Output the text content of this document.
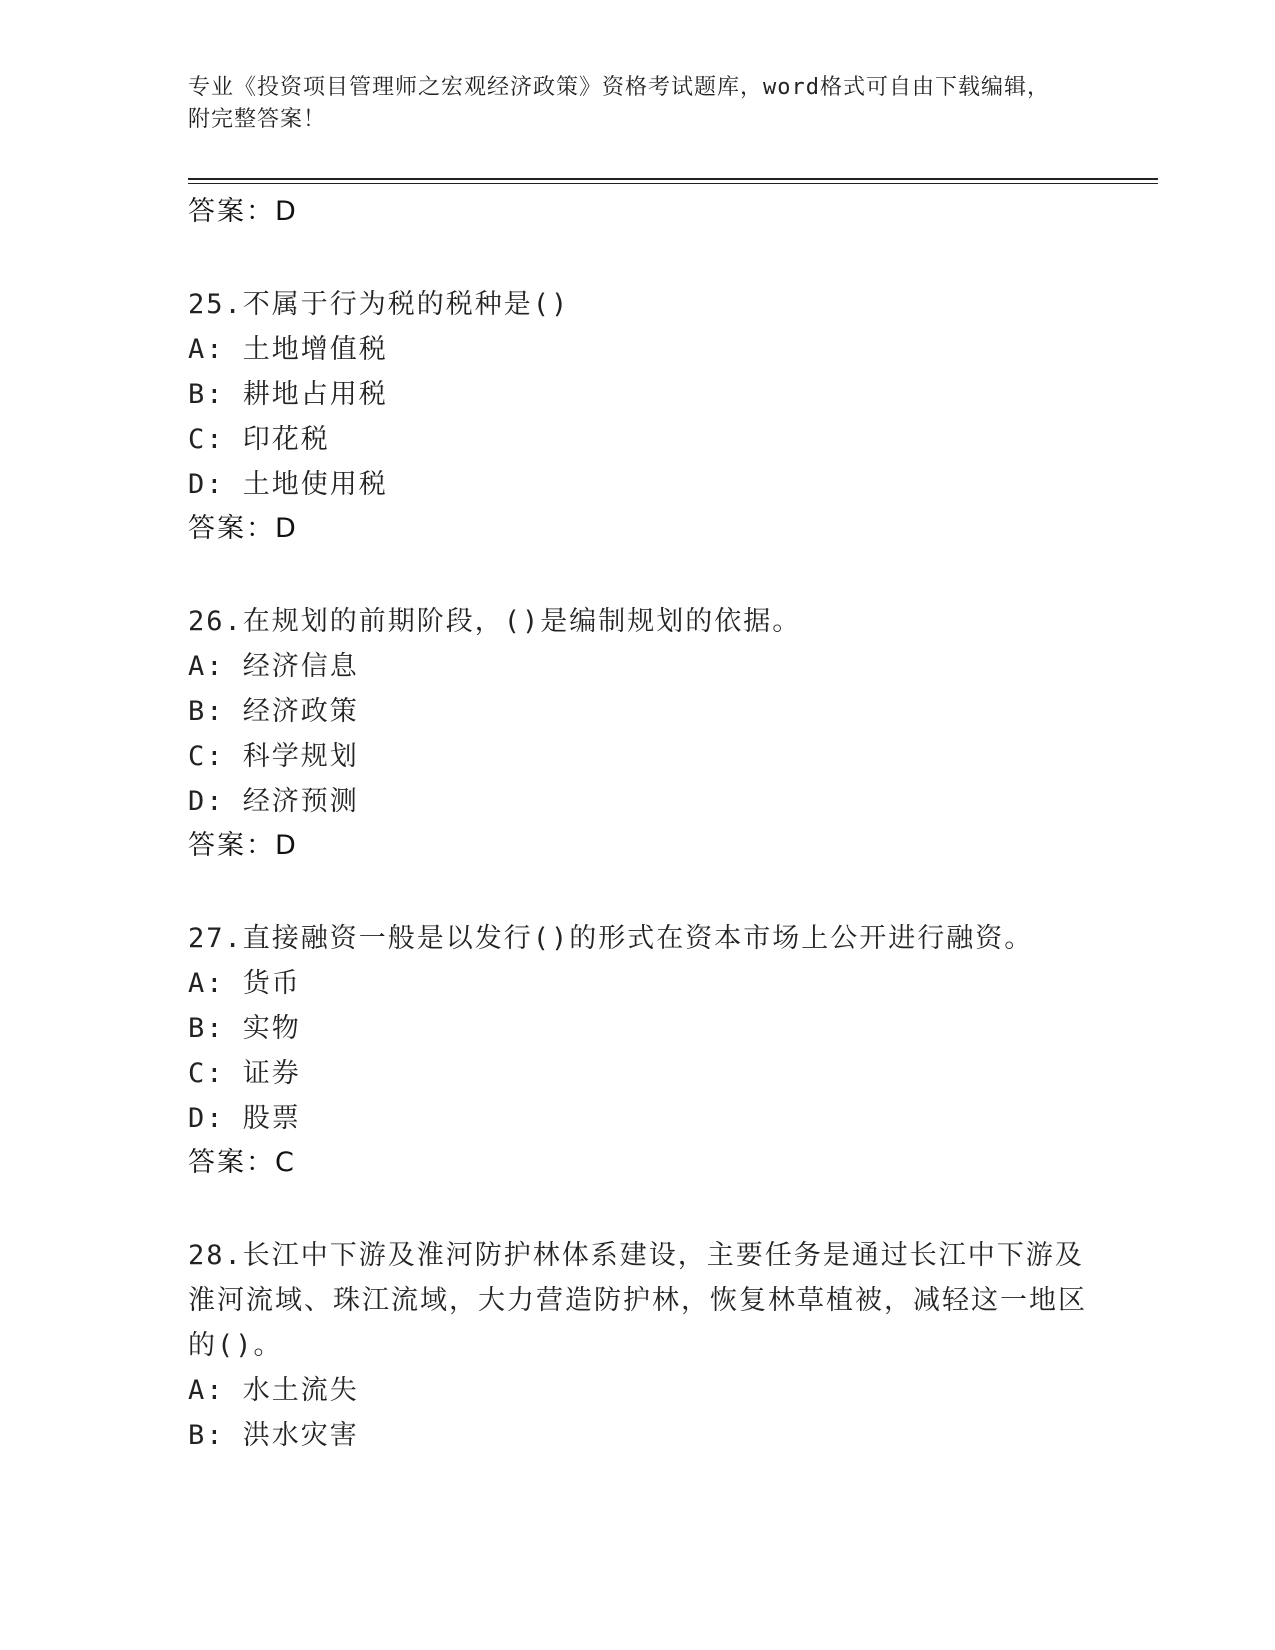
专业《投资项目管理师之宏观经济政策》资格考试题库，word格式可自由下载编辑，附完整答案！
答案：D
25.不属于行为税的税种是()
A: 土地增值税
B: 耕地占用税
C: 印花税
D: 土地使用税
答案：D
26.在规划的前期阶段，()是编制规划的依据。
A: 经济信息
B: 经济政策
C: 科学规划
D: 经济预测
答案：D
27.直接融资一般是以发行()的形式在资本市场上公开进行融资。
A: 货币
B: 实物
C: 证券
D: 股票
答案：C
28.长江中下游及淮河防护林体系建设，主要任务是通过长江中下游及淮河流域、珠江流域，大力营造防护林，恢复林草植被，减轻这一地区的()。
A: 水土流失
B: 洪水灾害
